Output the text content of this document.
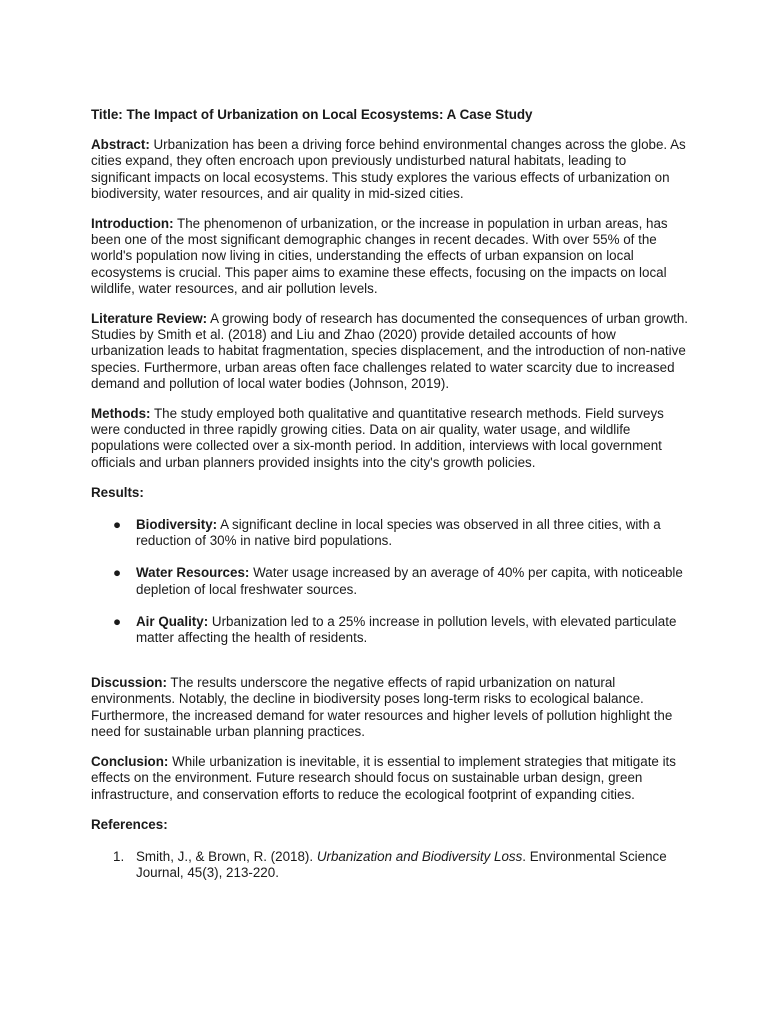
Title: The Impact of Urbanization on Local Ecosystems: A Case Study

Abstract: Urbanization has been a driving force behind environmental changes across the globe. As cities expand, they often encroach upon previously undisturbed natural habitats, leading to significant impacts on local ecosystems. This study explores the various effects of urbanization on biodiversity, water resources, and air quality in mid-sized cities.

Introduction: The phenomenon of urbanization, or the increase in population in urban areas, has been one of the most significant demographic changes in recent decades. With over 55% of the world's population now living in cities, understanding the effects of urban expansion on local ecosystems is crucial. This paper aims to examine these effects, focusing on the impacts on local wildlife, water resources, and air pollution levels.

Literature Review: A growing body of research has documented the consequences of urban growth. Studies by Smith et al. (2018) and Liu and Zhao (2020) provide detailed accounts of how urbanization leads to habitat fragmentation, species displacement, and the introduction of non-native species. Furthermore, urban areas often face challenges related to water scarcity due to increased demand and pollution of local water bodies (Johnson, 2019).

Methods: The study employed both qualitative and quantitative research methods. Field surveys were conducted in three rapidly growing cities. Data on air quality, water usage, and wildlife populations were collected over a six-month period. In addition, interviews with local government officials and urban planners provided insights into the city's growth policies.

Results:

● Biodiversity: A significant decline in local species was observed in all three cities, with a reduction of 30% in native bird populations.
● Water Resources: Water usage increased by an average of 40% per capita, with noticeable depletion of local freshwater sources.
● Air Quality: Urbanization led to a 25% increase in pollution levels, with elevated particulate matter affecting the health of residents.

Discussion: The results underscore the negative effects of rapid urbanization on natural environments. Notably, the decline in biodiversity poses long-term risks to ecological balance. Furthermore, the increased demand for water resources and higher levels of pollution highlight the need for sustainable urban planning practices.

Conclusion: While urbanization is inevitable, it is essential to implement strategies that mitigate its effects on the environment. Future research should focus on sustainable urban design, green infrastructure, and conservation efforts to reduce the ecological footprint of expanding cities.

References:

1. Smith, J., & Brown, R. (2018). Urbanization and Biodiversity Loss. Environmental Science Journal, 45(3), 213-220.
